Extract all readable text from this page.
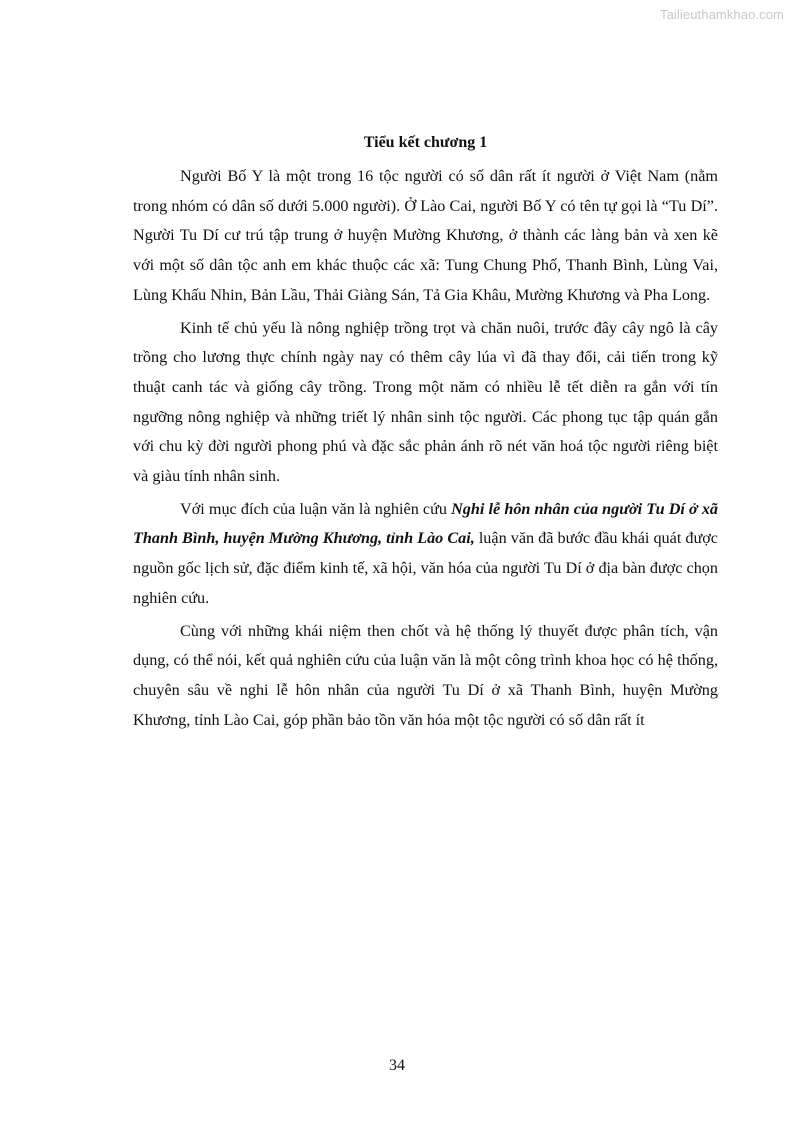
Tailieuthamkhao.com
Tiểu kết chương 1

Người Bố Y là một trong 16 tộc người có số dân rất ít người ở Việt Nam (nằm trong nhóm có dân số dưới 5.000 người). Ở Lào Cai, người Bố Y có tên tự gọi là “Tu Dí”. Người Tu Dí cư trú tập trung ở huyện Mường Khương, ở thành các làng bản và xen kẽ với một số dân tộc anh em khác thuộc các xã: Tung Chung Phố, Thanh Bình, Lùng Vai, Lùng Khấu Nhin, Bản Lầu, Thải Giàng Sán, Tả Gia Khâu, Mường Khương và Pha Long.

Kinh tế chủ yếu là nông nghiệp trồng trọt và chăn nuôi, trước đây cây ngô là cây trồng cho lương thực chính ngày nay có thêm cây lúa vì đã thay đổi, cải tiến trong kỹ thuật canh tác và giống cây trồng. Trong một năm có nhiều lễ tết diễn ra gắn với tín ngưỡng nông nghiệp và những triết lý nhân sinh tộc người. Các phong tục tập quán gắn với chu kỳ đời người phong phú và đặc sắc phản ánh rõ nét văn hoá tộc người riêng biệt và giàu tính nhân sinh.

Với mục đích của luận văn là nghiên cứu Nghi lễ hôn nhân của người Tu Dí ở xã Thanh Bình, huyện Mường Khương, tỉnh Lào Cai, luận văn đã bước đầu khái quát được nguồn gốc lịch sử, đặc điểm kinh tế, xã hội, văn hóa của người Tu Dí ở địa bàn được chọn nghiên cứu.

Cùng với những khái niệm then chốt và hệ thống lý thuyết được phân tích, vận dụng, có thể nói, kết quả nghiên cứu của luận văn là một công trình khoa học có hệ thống, chuyên sâu về nghi lễ hôn nhân của người Tu Dí ở xã Thanh Bình, huyện Mường Khương, tỉnh Lào Cai, góp phần bảo tồn văn hóa một tộc người có số dân rất ít

34
